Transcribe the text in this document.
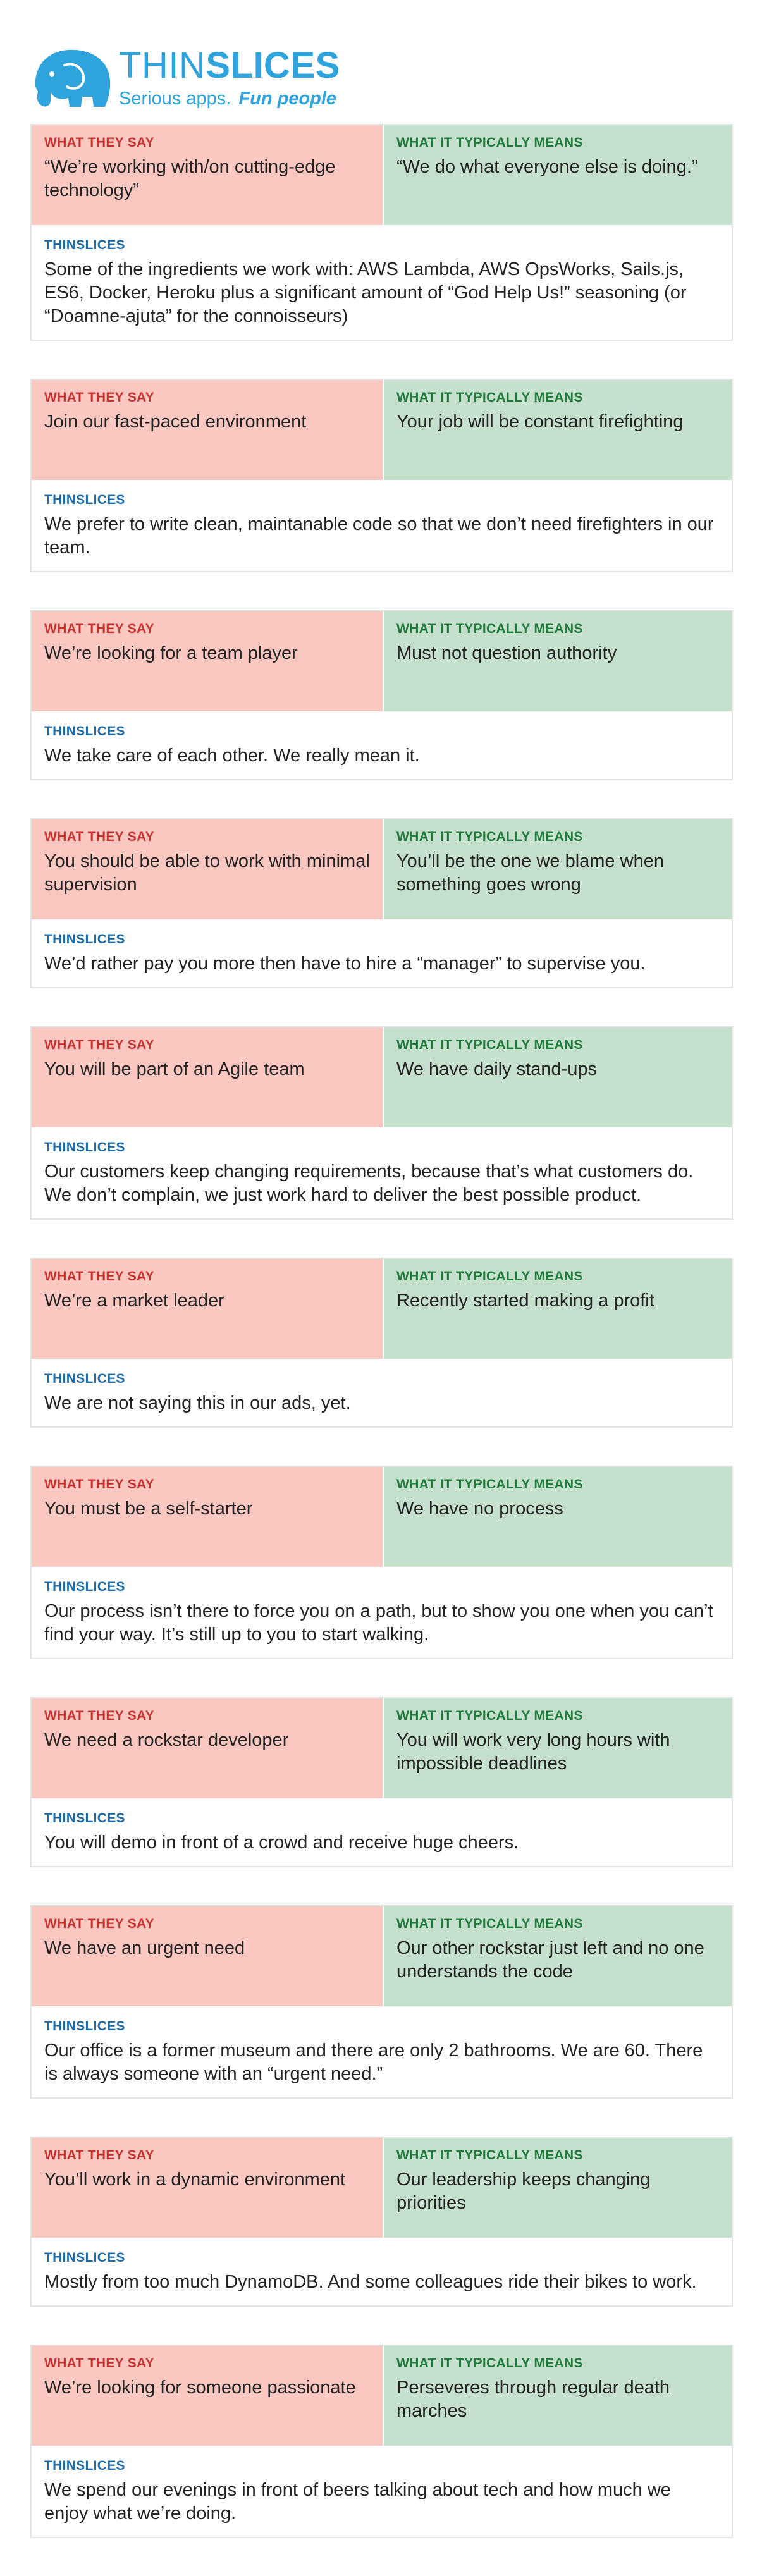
THINSLICES
Serious apps. Fun people
WHAT THEY SAY
“We’re working with/on cutting-edge technology”
WHAT IT TYPICALLY MEANS
“We do what everyone else is doing.”
THINSLICES
Some of the ingredients we work with: AWS Lambda, AWS OpsWorks, Sails.js, ES6, Docker, Heroku plus a significant amount of “God Help Us!” seasoning (or “Doamne-ajuta” for the connoisseurs)
WHAT THEY SAY
Join our fast-paced environment
WHAT IT TYPICALLY MEANS
Your job will be constant firefighting
THINSLICES
We prefer to write clean, maintanable code so that we don’t need firefighters in our team.
WHAT THEY SAY
We’re looking for a team player
WHAT IT TYPICALLY MEANS
Must not question authority
THINSLICES
We take care of each other. We really mean it.
WHAT THEY SAY
You should be able to work with minimal supervision
WHAT IT TYPICALLY MEANS
You’ll be the one we blame when something goes wrong
THINSLICES
We’d rather pay you more then have to hire a “manager” to supervise you.
WHAT THEY SAY
You will be part of an Agile team
WHAT IT TYPICALLY MEANS
We have daily stand-ups
THINSLICES
Our customers keep changing requirements, because that’s what customers do. We don’t complain, we just work hard to deliver the best possible product.
WHAT THEY SAY
We’re a market leader
WHAT IT TYPICALLY MEANS
Recently started making a profit
THINSLICES
We are not saying this in our ads, yet.
WHAT THEY SAY
You must be a self-starter
WHAT IT TYPICALLY MEANS
We have no process
THINSLICES
Our process isn’t there to force you on a path, but to show you one when you can’t find your way. It’s still up to you to start walking.
WHAT THEY SAY
We need a rockstar developer
WHAT IT TYPICALLY MEANS
You will work very long hours with impossible deadlines
THINSLICES
You will demo in front of a crowd and receive huge cheers.
WHAT THEY SAY
We have an urgent need
WHAT IT TYPICALLY MEANS
Our other rockstar just left and no one understands the code
THINSLICES
Our office is a former museum and there are only 2 bathrooms. We are 60. There is always someone with an “urgent need.”
WHAT THEY SAY
You’ll work in a dynamic environment
WHAT IT TYPICALLY MEANS
Our leadership keeps changing priorities
THINSLICES
Mostly from too much DynamoDB. And some colleagues ride their bikes to work.
WHAT THEY SAY
We’re looking for someone passionate
WHAT IT TYPICALLY MEANS
Perseveres through regular death marches
THINSLICES
We spend our evenings in front of beers talking about tech and how much we enjoy what we’re doing.
